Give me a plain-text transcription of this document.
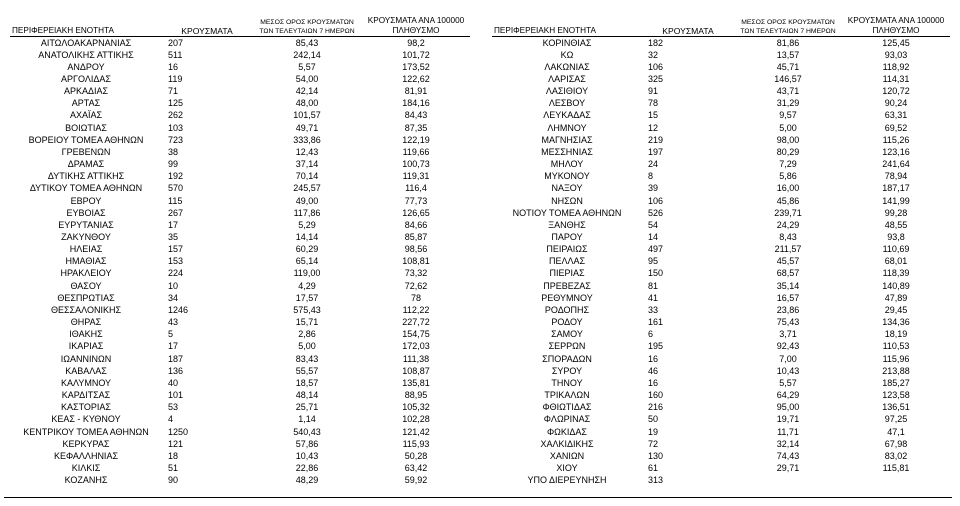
ΠΕΡΙΦΕΡΕΙΑΚΗ ΕΝΟΤΗΤΑ	ΚΡΟΥΣΜΑΤΑ	ΜΕΣΟΣ ΟΡΟΣ ΚΡΟΥΣΜΑΤΩΝ
ΤΩΝ ΤΕΛΕΥΤΑΙΩΝ 7 ΗΜΕΡΩΝ	ΚΡΟΥΣΜΑΤΑ ΑΝΑ 100000
ΠΛΗΘΥΣΜΟ

ΑΙΤΩΛΟΑΚΑΡΝΑΝΙΑΣ	207	85,43	98,2
ΑΝΑΤΟΛΙΚΗΣ ΑΤΤΙΚΗΣ	511	242,14	101,72
ΑΝΔΡΟΥ	16	5,57	173,52
ΑΡΓΟΛΙΔΑΣ	119	54,00	122,62
ΑΡΚΑΔΙΑΣ	71	42,14	81,91
ΑΡΤΑΣ	125	48,00	184,16
ΑΧΑΪΑΣ	262	101,57	84,43
ΒΟΙΩΤΙΑΣ	103	49,71	87,35
ΒΟΡΕΙΟΥ ΤΟΜΕΑ ΑΘΗΝΩΝ	723	333,86	122,19
ΓΡΕΒΕΝΩΝ	38	12,43	119,66
ΔΡΑΜΑΣ	99	37,14	100,73
ΔΥΤΙΚΗΣ ΑΤΤΙΚΗΣ	192	70,14	119,31
ΔΥΤΙΚΟΥ ΤΟΜΕΑ ΑΘΗΝΩΝ	570	245,57	116,4
ΕΒΡΟΥ	115	49,00	77,73
ΕΥΒΟΙΑΣ	267	117,86	126,65
ΕΥΡΥΤΑΝΙΑΣ	17	5,29	84,66
ΖΑΚΥΝΘΟΥ	35	14,14	85,87
ΗΛΕΙΑΣ	157	60,29	98,56
ΗΜΑΘΙΑΣ	153	65,14	108,81
ΗΡΑΚΛΕΙΟΥ	224	119,00	73,32
ΘΑΣΟΥ	10	4,29	72,62
ΘΕΣΠΡΩΤΙΑΣ	34	17,57	78
ΘΕΣΣΑΛΟΝΙΚΗΣ	1246	575,43	112,22
ΘΗΡΑΣ	43	15,71	227,72
ΙΘΑΚΗΣ	5	2,86	154,75
ΙΚΑΡΙΑΣ	17	5,00	172,03
ΙΩΑΝΝΙΝΩΝ	187	83,43	111,38
ΚΑΒΑΛΑΣ	136	55,57	108,87
ΚΑΛΥΜΝΟΥ	40	18,57	135,81
ΚΑΡΔΙΤΣΑΣ	101	48,14	88,95
ΚΑΣΤΟΡΙΑΣ	53	25,71	105,32
ΚΕΑΣ - ΚΥΘΝΟΥ	4	1,14	102,28
ΚΕΝΤΡΙΚΟΥ ΤΟΜΕΑ ΑΘΗΝΩΝ	1250	540,43	121,42
ΚΕΡΚΥΡΑΣ	121	57,86	115,93
ΚΕΦΑΛΛΗΝΙΑΣ	18	10,43	50,28
ΚΙΛΚΙΣ	51	22,86	63,42
ΚΟΖΑΝΗΣ	90	48,29	59,92
ΠΕΡΙΦΕΡΕΙΑΚΗ ΕΝΟΤΗΤΑ	ΚΡΟΥΣΜΑΤΑ	ΜΕΣΟΣ ΟΡΟΣ ΚΡΟΥΣΜΑΤΩΝ
ΤΩΝ ΤΕΛΕΥΤΑΙΩΝ 7 ΗΜΕΡΩΝ	ΚΡΟΥΣΜΑΤΑ ΑΝΑ 100000
ΠΛΗΘΥΣΜΟ

ΚΟΡΙΝΘΙΑΣ	182	81,86	125,45
ΚΩ	32	13,57	93,03
ΛΑΚΩΝΙΑΣ	106	45,71	118,92
ΛΑΡΙΣΑΣ	325	146,57	114,31
ΛΑΣΙΘΙΟΥ	91	43,71	120,72
ΛΕΣΒΟΥ	78	31,29	90,24
ΛΕΥΚΑΔΑΣ	15	9,57	63,31
ΛΗΜΝΟΥ	12	5,00	69,52
ΜΑΓΝΗΣΙΑΣ	219	98,00	115,26
ΜΕΣΣΗΝΙΑΣ	197	80,29	123,16
ΜΗΛΟΥ	24	7,29	241,64
ΜΥΚΟΝΟΥ	8	5,86	78,94
ΝΑΞΟΥ	39	16,00	187,17
ΝΗΣΩΝ	106	45,86	141,99
ΝΟΤΙΟΥ ΤΟΜΕΑ ΑΘΗΝΩΝ	526	239,71	99,28
ΞΑΝΘΗΣ	54	24,29	48,55
ΠΑΡΟΥ	14	8,43	93,8
ΠΕΙΡΑΙΩΣ	497	211,57	110,69
ΠΕΛΛΑΣ	95	45,57	68,01
ΠΙΕΡΙΑΣ	150	68,57	118,39
ΠΡΕΒΕΖΑΣ	81	35,14	140,89
ΡΕΘΥΜΝΟΥ	41	16,57	47,89
ΡΟΔΟΠΗΣ	33	23,86	29,45
ΡΟΔΟΥ	161	75,43	134,36
ΣΑΜΟΥ	6	3,71	18,19
ΣΕΡΡΩΝ	195	92,43	110,53
ΣΠΟΡΑΔΩΝ	16	7,00	115,96
ΣΥΡΟΥ	46	10,43	213,88
ΤΗΝΟΥ	16	5,57	185,27
ΤΡΙΚΑΛΩΝ	160	64,29	123,58
ΦΘΙΩΤΙΔΑΣ	216	95,00	136,51
ΦΛΩΡΙΝΑΣ	50	19,71	97,25
ΦΩΚΙΔΑΣ	19	11,71	47,1
ΧΑΛΚΙΔΙΚΗΣ	72	32,14	67,98
ΧΑΝΙΩΝ	130	74,43	83,02
ΧΙΟΥ	61	29,71	115,81
ΥΠΟ ΔΙΕΡΕΥΝΗΣΗ	313		
